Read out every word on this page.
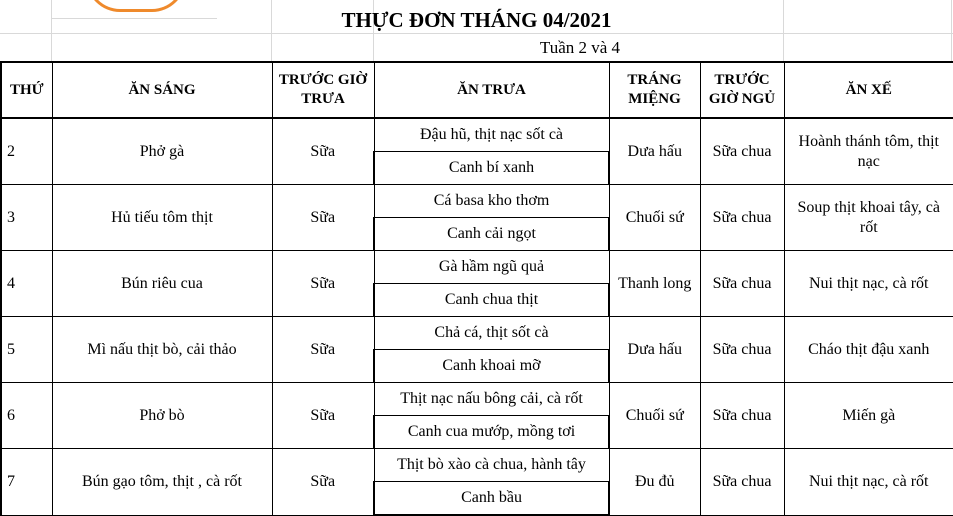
THỰC ĐƠN THÁNG 04/2021
Tuần 2 và 4
THỨ	ĂN SÁNG	TRƯỚC GIỜ TRƯA	ĂN TRƯA	TRÁNG MIỆNG	TRƯỚC GIỜ NGỦ	ĂN XẾ
2	Phở gà	Sữa	Đậu hũ, thịt nạc sốt cà	Dưa hấu	Sữa chua	Hoành thánh tôm, thịt nạc
			Canh bí xanh			
3	Hủ tiếu tôm thịt	Sữa	Cá basa kho thơm	Chuối sứ	Sữa chua	Soup thịt khoai tây, cà rốt
			Canh cải ngọt			
4	Bún riêu cua	Sữa	Gà hầm ngũ quả	Thanh long	Sữa chua	Nui thịt nạc, cà rốt
			Canh chua thịt			
5	Mì nấu thịt bò, cải thảo	Sữa	Chả cá, thịt sốt cà	Dưa hấu	Sữa chua	Cháo thịt đậu xanh
			Canh khoai mỡ			
6	Phở bò	Sữa	Thịt nạc nấu bông cải, cà rốt	Chuối sứ	Sữa chua	Miến gà
			Canh cua mướp, mồng tơi			
7	Bún gạo tôm, thịt , cà rốt	Sữa	Thịt bò xào cà chua, hành tây	Đu đủ	Sữa chua	Nui thịt nạc, cà rốt
			Canh bầu			
